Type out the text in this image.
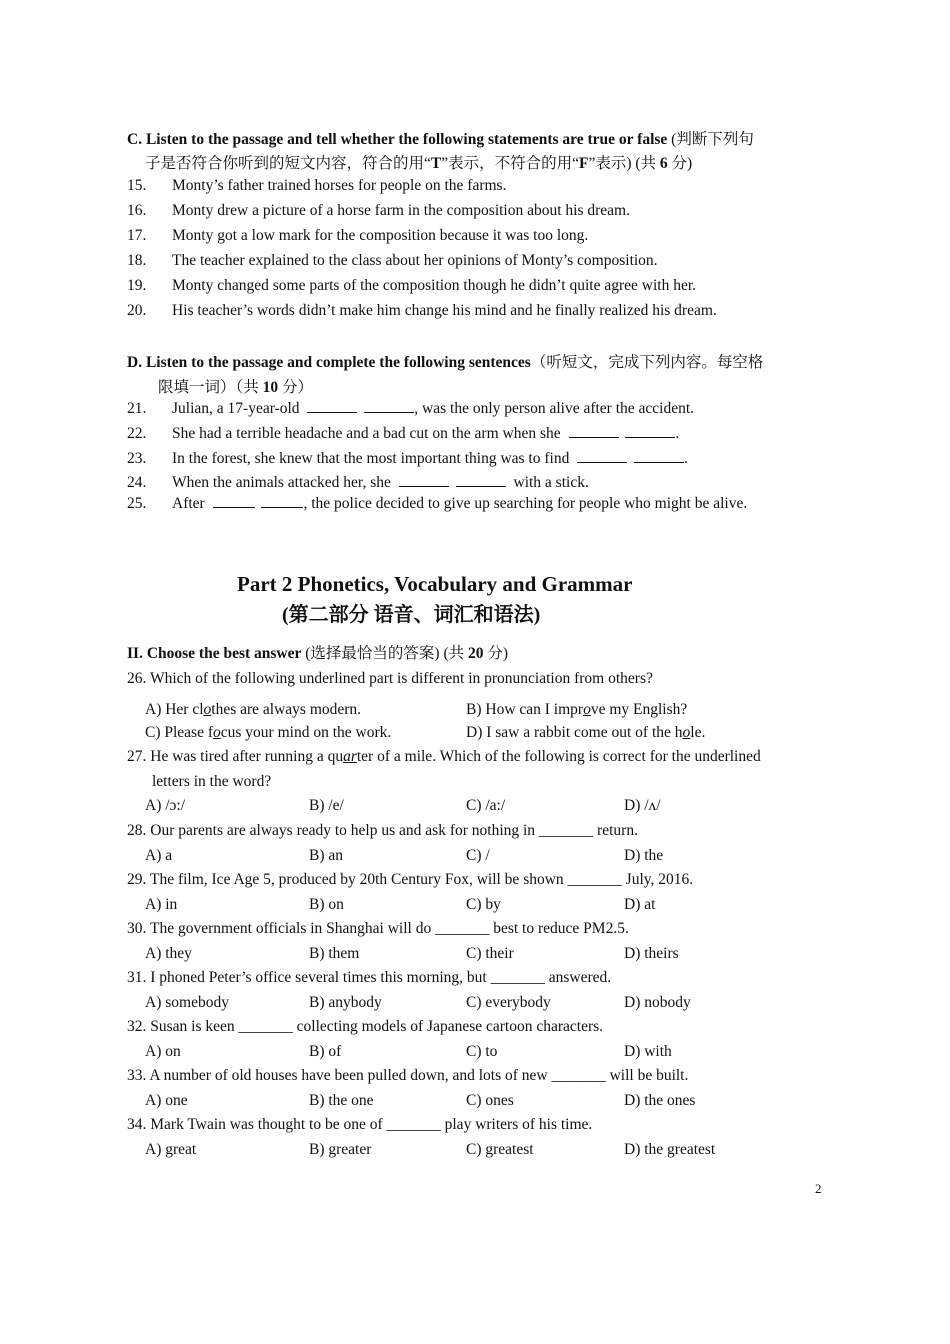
C. Listen to the passage and tell whether the following statements are true or false (判断下列句
子是否符合你听到的短文内容，符合的用“T”表示，不符合的用“F”表示) (共 6 分)
15. Monty’s father trained horses for people on the farms.
16. Monty drew a picture of a horse farm in the composition about his dream.
17. Monty got a low mark for the composition because it was too long.
18. The teacher explained to the class about her opinions of Monty’s composition.
19. Monty changed some parts of the composition though he didn’t quite agree with her.
20. His teacher’s words didn’t make him change his mind and he finally realized his dream.
D. Listen to the passage and complete the following sentences（听短文，完成下列内容。每空格
限填一词）（共 10 分）
21. Julian, a 17-year-old	, was the only person alive after the accident.
22. She had a terrible headache and a bad cut on the arm when she	.
23. In the forest, she knew that the most important thing was to find	.
24. When the animals attacked her, she	with a stick.
25. After	, the police decided to give up searching for people who might be alive.
Part 2 Phonetics, Vocabulary and Grammar
(第二部分 语音、词汇和语法)
II. Choose the best answer (选择最恰当的答案) (共 20 分)
26. Which of the following underlined part is different in pronunciation from others?
A) Her clothes are always modern.	B) How can I improve my English?
C) Please focus your mind on the work.	D) I saw a rabbit come out of the hole.
27. He was tired after running a quarter of a mile. Which of the following is correct for the underlined
letters in the word?
A) /ɔ:/	B) /e/	C) /a:/	D) /ʌ/
28. Our parents are always ready to help us and ask for nothing in _______ return.
A) a	B) an	C) /	D) the
29. The film, Ice Age 5, produced by 20th Century Fox, will be shown _______ July, 2016.
A) in	B) on	C) by	D) at
30. The government officials in Shanghai will do _______ best to reduce PM2.5.
A) they	B) them	C) their	D) theirs
31. I phoned Peter’s office several times this morning, but _______ answered.
A) somebody	B) anybody	C) everybody	D) nobody
32. Susan is keen _______ collecting models of Japanese cartoon characters.
A) on	B) of	C) to	D) with
33. A number of old houses have been pulled down, and lots of new _______ will be built.
A) one	B) the one	C) ones	D) the ones
34. Mark Twain was thought to be one of _______ play writers of his time.
A) great	B) greater	C) greatest	D) the greatest
2
